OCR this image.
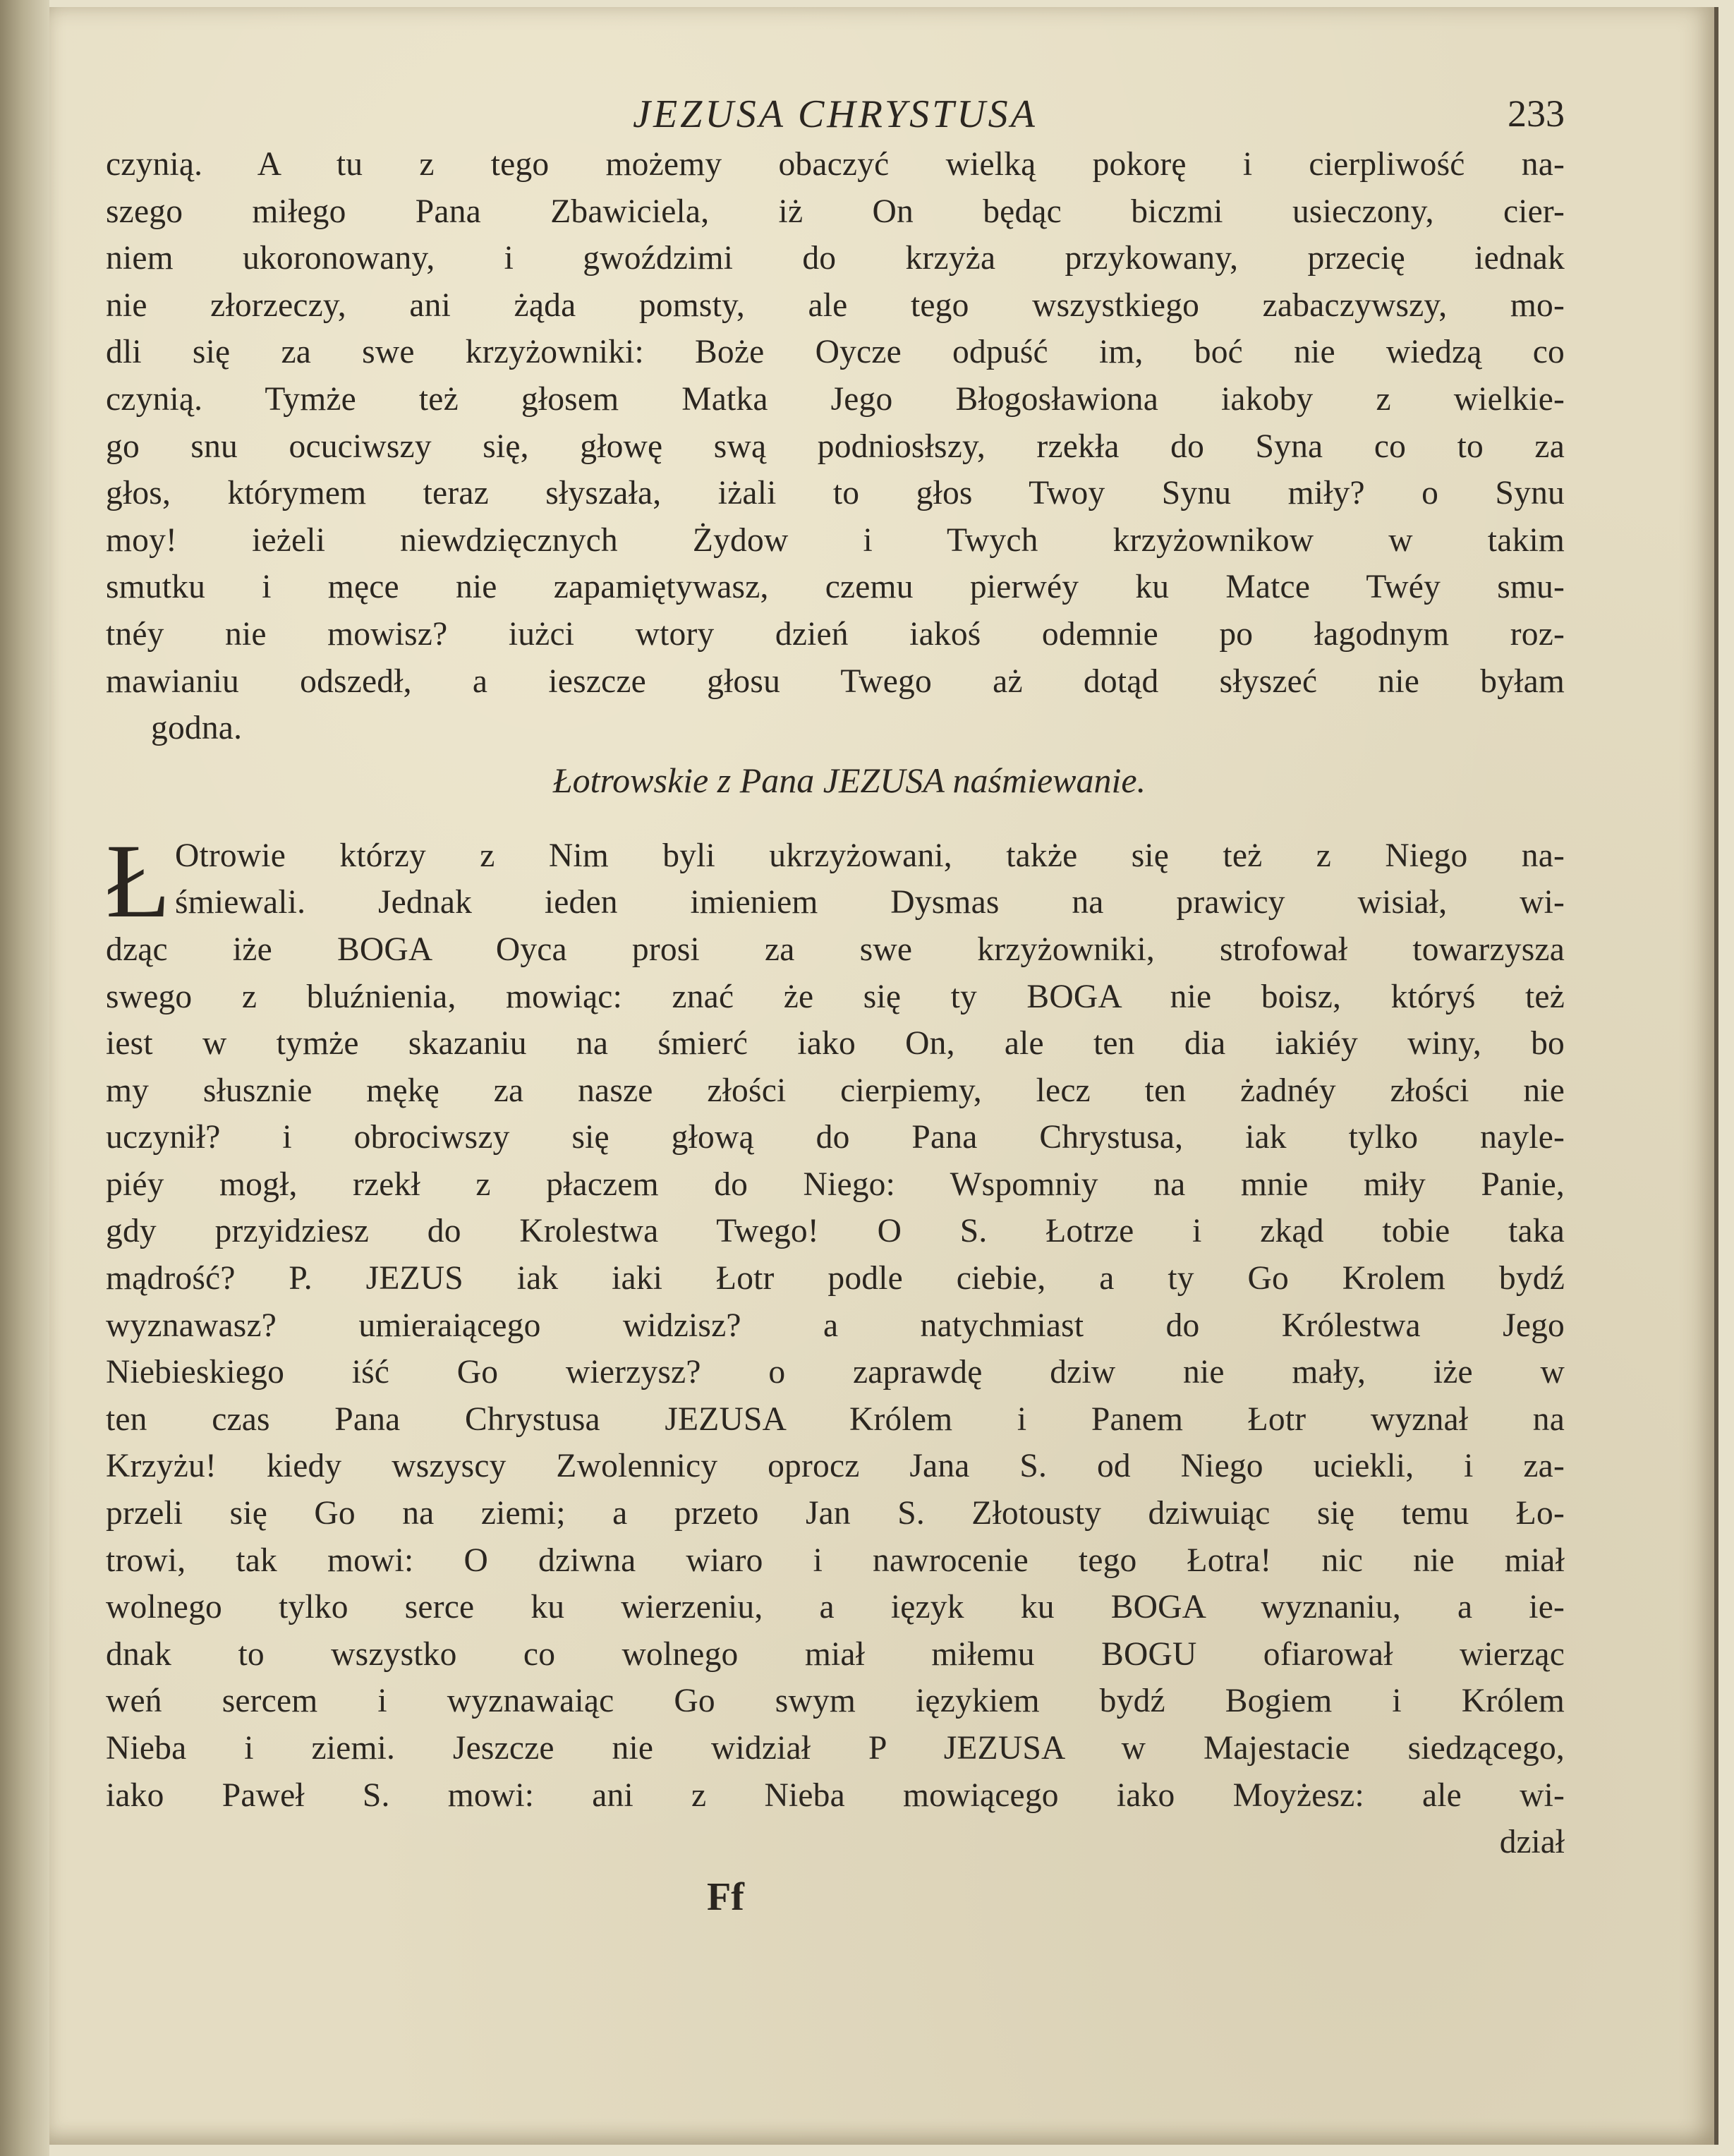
JEZUSA CHRYSTUSA	233
czynią. A tu z tego możemy obaczyć wielką pokorę i cierpliwość na-
szego miłego Pana Zbawiciela, iż On będąc biczmi usieczony, cier-
niem ukoronowany, i gwoździmi do krzyża przykowany, przecię iednak
nie złorzeczy, ani żąda pomsty, ale tego wszystkiego zabaczywszy, mo-
dli się za swe krzyżowniki: Boże Oycze odpuść im, boć nie wiedzą co
czynią. Tymże też głosem Matka Jego Błogosławiona iakoby z wielkie-
go snu ocuciwszy się, głowę swą podniosłszy, rzekła do Syna co to za
głos, którymem teraz słyszała, iżali to głos Twoy Synu miły? o Synu
moy! ieżeli niewdzięcznych Żydow i Twych krzyżownikow w takim
smutku i męce nie zapamiętywasz, czemu pierwéy ku Matce Twéy smu-
tnéy nie mowisz? iużci wtory dzień iakoś odemnie po łagodnym roz-
mawianiu odszedł, a ieszcze głosu Twego aż dotąd słyszeć nie byłam
godna.
Łotrowskie z Pana JEZUSA naśmiewanie.
Ł Otrowie którzy z Nim byli ukrzyżowani, także się też z Niego na-
śmiewali. Jednak ieden imieniem Dysmas na prawicy wisiał, wi-
dząc iże BOGA Oyca prosi za swe krzyżowniki, strofował towarzysza
swego z bluźnienia, mowiąc: znać że się ty BOGA nie boisz, któryś też
iest w tymże skazaniu na śmierć iako On, ale ten dia iakiéy winy, bo
my słusznie mękę za nasze złości cierpiemy, lecz ten żadnéy złości nie
uczynił? i obrociwszy się głową do Pana Chrystusa, iak tylko naylе-
piéy mogł, rzekł z płaczem do Niego: Wspomniy na mnie miły Panie,
gdy przyidziesz do Krolestwa Twego! O S. Łotrze i zkąd tobie taka
mądrość? P. JEZUS iak iaki Łotr podle ciebie, a ty Go Krolem bydź
wyznawasz? umieraiącego widzisz? a natychmiast do Królestwa Jego
Niebieskiego iść Go wierzysz? o zaprawdę dziw nie mały, iże w
ten czas Pana Chrystusa JEZUSA Królem i Panem Łotr wyznał na
Krzyżu! kiedy wszyscy Zwolennicy oprocz Jana S. od Niego uciekli, i za-
przeli się Go na ziemi; a przeto Jan S. Złotousty dziwuiąc się temu Ło-
trowi, tak mowi: O dziwna wiaro i nawrocenie tego Łotra! nic nie miał
wolnego tylko serce ku wierzeniu, a ięzyk ku BOGA wyznaniu, a ie-
dnak to wszystko co wolnego miał miłemu BOGU ofiarował wierząc
weń sercem i wyznawaiąc Go swym ięzykiem bydź Bogiem i Królem
Nieba i ziemi. Jeszcze nie widział P JEZUSA w Majestacie siedzącego,
iako Paweł S. mowi: ani z Nieba mowiącego iako Moyżesz: ale wi-
dział
Ff
